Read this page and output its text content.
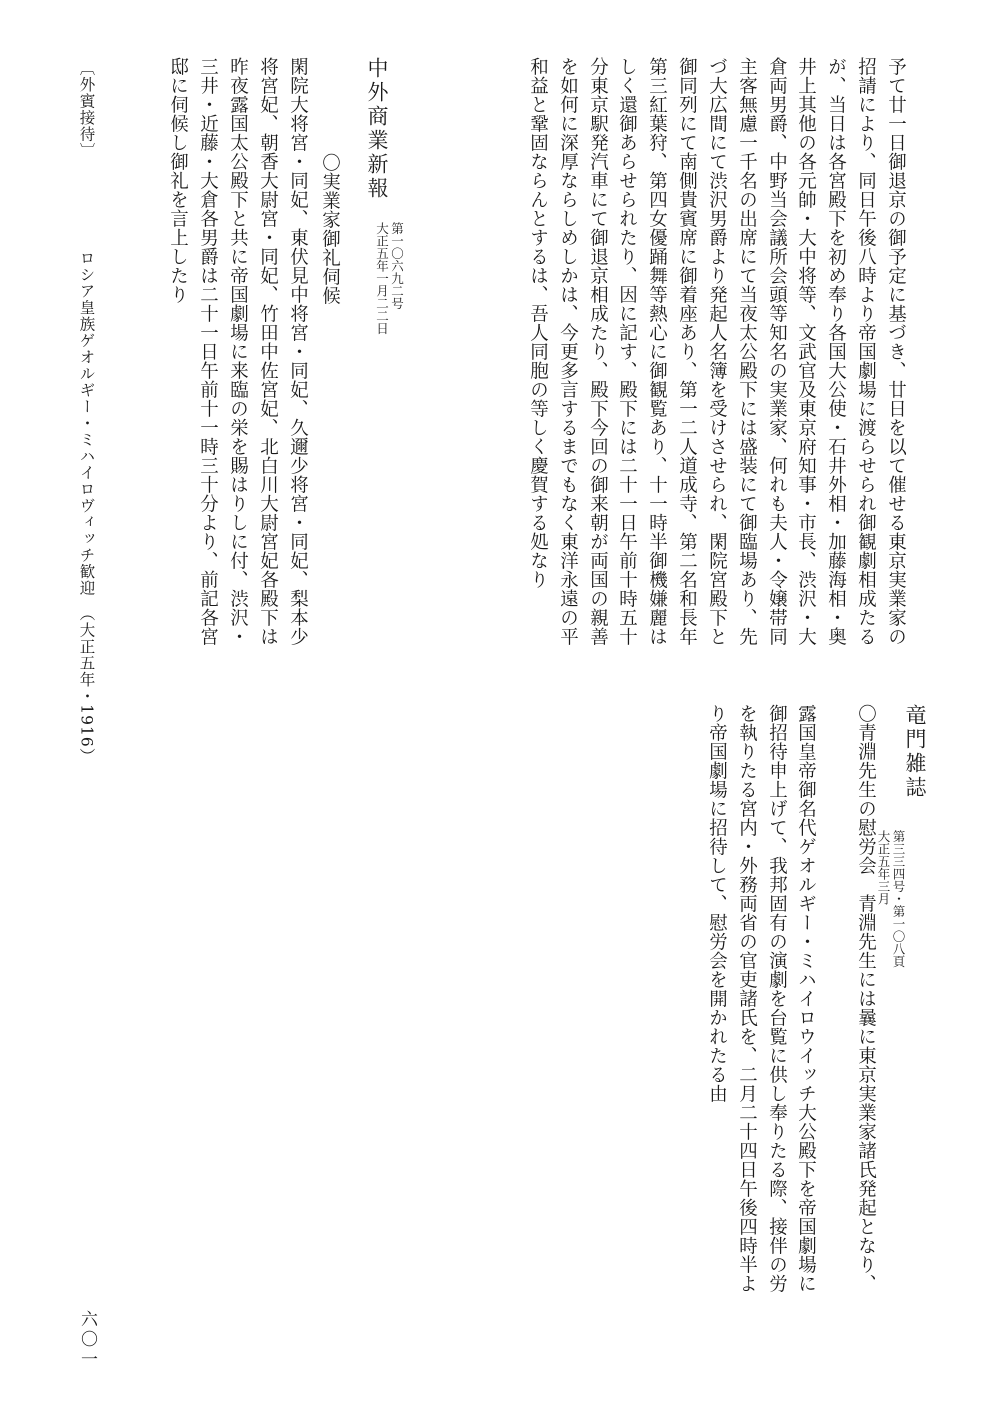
予て廿一日御退京の御予定に基づき、廿日を以て催せる東京実業家の
招請により、同日午後八時より帝国劇場に渡らせられ御観劇相成たる
が、当日は各宮殿下を初め奉り各国大公使・石井外相・加藤海相・奥
井上其他の各元帥・大中将等、文武官及東京府知事・市長、渋沢・大
倉両男爵、中野当会議所会頭等知名の実業家、何れも夫人・令嬢帯同
主客無慮一千名の出席にて当夜太公殿下には盛装にて御臨場あり、先
づ大広間にて渋沢男爵より発起人名簿を受けさせられ、閑院宮殿下と
御同列にて南側貴賓席に御着座あり、第一二人道成寺、第二名和長年
第三紅葉狩、第四女優踊舞等熱心に御観覧あり、十一時半御機嫌麗は
しく還御あらせられたり、因に記す、殿下には二十一日午前十時五十
分東京駅発汽車にて御退京相成たり、殿下今回の御来朝が両国の親善
を如何に深厚ならしめしかは、今更多言するまでもなく東洋永遠の平
和益と鞏固ならんとするは、吾人同胞の等しく慶賀する処なり
竜門雑誌
第三三四号・第一〇八頁
大正五年三月
〇青淵先生の慰労会　青淵先生には曩に東京実業家諸氏発起となり、
露国皇帝御名代ゲオルギー・ミハイロウイッチ大公殿下を帝国劇場に
御招待申上げて、我邦固有の演劇を台覧に供し奉りたる際、接伴の労
を執りたる宮内・外務両省の官吏諸氏を、二月二十四日午後四時半よ
り帝国劇場に招待して、慰労会を開かれたる由
中外商業新報
第一〇六九二号
大正五年一月二二日
〇実業家御礼伺候
閑院大将宮・同妃、東伏見中将宮・同妃、久邇少将宮・同妃、梨本少
将宮妃、朝香大尉宮・同妃、竹田中佐宮妃、北白川大尉宮妃各殿下は
昨夜露国太公殿下と共に帝国劇場に来臨の栄を賜はりしに付、渋沢・
三井・近藤・大倉各男爵は二十一日午前十一時三十分より、前記各宮
邸に伺候し御礼を言上したり
〔外賓接待〕
ロシア皇族ゲオルギー・ミハイロヴィッチ歓迎　（大正五年・1916）
六〇一
